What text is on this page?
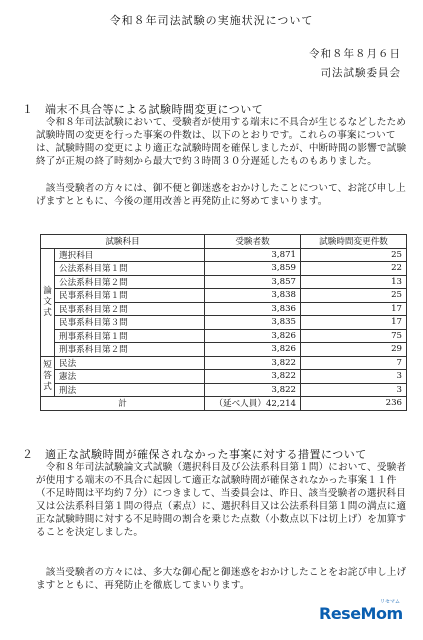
令和８年司法試験の実施状況について
令和８年８月６日
司法試験委員会
１　端末不具合等による試験時間変更について

　令和８年司法試験において、受験者が使用する端末に不具合が生じるなどしたため試験時間の変更を行った事案の件数は、以下のとおりです。これらの事案については、試験時間の変更により適正な試験時間を確保しましたが、中断時間の影響で試験終了が正規の終了時刻から最大で約３時間３０分遅延したものもありました。

　該当受験者の方々には、御不便と御迷惑をおかけしたことについて、お詫び申し上げますとともに、今後の運用改善と再発防止に努めてまいります。

試験科目		受験者数	試験時間変更件数
論文式	選択科目	3,871	25
	公法系科目第１問	3,859	22
	公法系科目第２問	3,857	13
	民事系科目第１問	3,838	25
	民事系科目第２問	3,836	17
	民事系科目第３問	3,835	17
	刑事系科目第１問	3,826	75
	刑事系科目第２問	3,826	29
短答式	民法	3,822	7
	憲法	3,822	3
	刑法	3,822	3
計		（延べ人員）42,214	236
２　適正な試験時間が確保されなかった事案に対する措置について

　令和８年司法試験論文式試験（選択科目及び公法系科目第１問）において、受験者が使用する端末の不具合に起因して適正な試験時間が確保されなかった事案１１件（不足時間は平均約７分）につきまして、当委員会は、昨日、該当受験者の選択科目又は公法系科目第１問の得点（素点）に、選択科目又は公法系科目第１問の満点に適正な試験時間に対する不足時間の割合を乗じた点数（小数点以下は切上げ）を加算することを決定しました。

　該当受験者の方々には、多大な御心配と御迷惑をおかけしたことをお詫び申し上げますとともに、再発防止を徹底してまいります。

リセマム
ReseMom
